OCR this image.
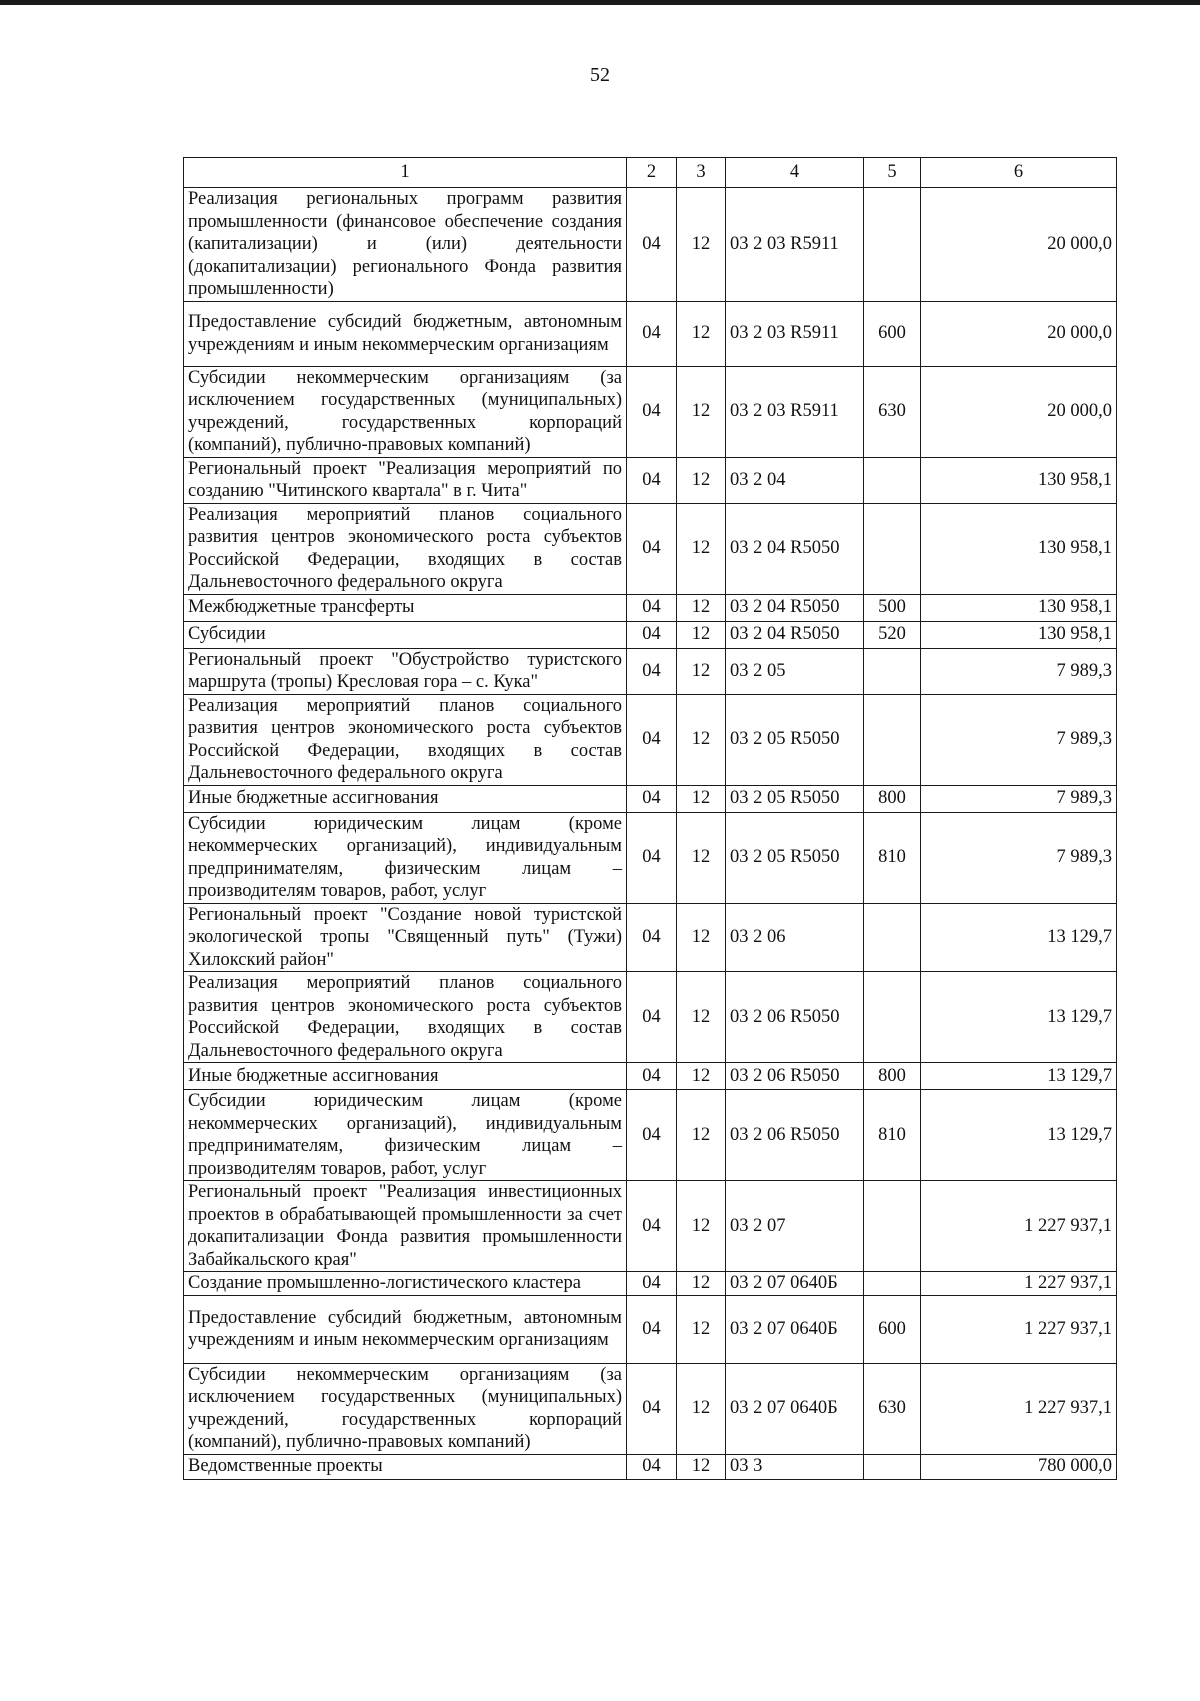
52
1	2	3	4	5	6
Реализация региональных программ развития промышленности (финансовое обеспечение создания (капитализации) и (или) деятельности (докапитализации) регионального Фонда развития промышленности)	04	12	03 2 03 R5911		20 000,0
Предоставление субсидий бюджетным, автономным учреждениям и иным некоммерческим организациям	04	12	03 2 03 R5911	600	20 000,0
Субсидии некоммерческим организациям (за исключением государственных (муниципальных) учреждений, государственных корпораций (компаний), публично-правовых компаний)	04	12	03 2 03 R5911	630	20 000,0
Региональный проект "Реализация мероприятий по созданию "Читинского квартала" в г. Чита"	04	12	03 2 04		130 958,1
Реализация мероприятий планов социального развития центров экономического роста субъектов Российской Федерации, входящих в состав Дальневосточного федерального округа	04	12	03 2 04 R5050		130 958,1
Межбюджетные трансферты	04	12	03 2 04 R5050	500	130 958,1
Субсидии	04	12	03 2 04 R5050	520	130 958,1
Региональный проект "Обустройство туристского маршрута (тропы) Кресловая гора – с. Кука"	04	12	03 2 05		7 989,3
Реализация мероприятий планов социального развития центров экономического роста субъектов Российской Федерации, входящих в состав Дальневосточного федерального округа	04	12	03 2 05 R5050		7 989,3
Иные бюджетные ассигнования	04	12	03 2 05 R5050	800	7 989,3
Субсидии юридическим лицам (кроме некоммерческих организаций), индивидуальным предпринимателям, физическим лицам – производителям товаров, работ, услуг	04	12	03 2 05 R5050	810	7 989,3
Региональный проект "Создание новой туристской экологической тропы "Священный путь" (Тужи) Хилокский район"	04	12	03 2 06		13 129,7
Реализация мероприятий планов социального развития центров экономического роста субъектов Российской Федерации, входящих в состав Дальневосточного федерального округа	04	12	03 2 06 R5050		13 129,7
Иные бюджетные ассигнования	04	12	03 2 06 R5050	800	13 129,7
Субсидии юридическим лицам (кроме некоммерческих организаций), индивидуальным предпринимателям, физическим лицам – производителям товаров, работ, услуг	04	12	03 2 06 R5050	810	13 129,7
Региональный проект "Реализация инвестиционных проектов в обрабатывающей промышленности за счет докапитализации Фонда развития промышленности Забайкальского края"	04	12	03 2 07		1 227 937,1
Создание промышленно-логистического кластера	04	12	03 2 07 0640Б		1 227 937,1
Предоставление субсидий бюджетным, автономным учреждениям и иным некоммерческим организациям	04	12	03 2 07 0640Б	600	1 227 937,1
Субсидии некоммерческим организациям (за исключением государственных (муниципальных) учреждений, государственных корпораций (компаний), публично-правовых компаний)	04	12	03 2 07 0640Б	630	1 227 937,1
Ведомственные проекты	04	12	03 3		780 000,0
